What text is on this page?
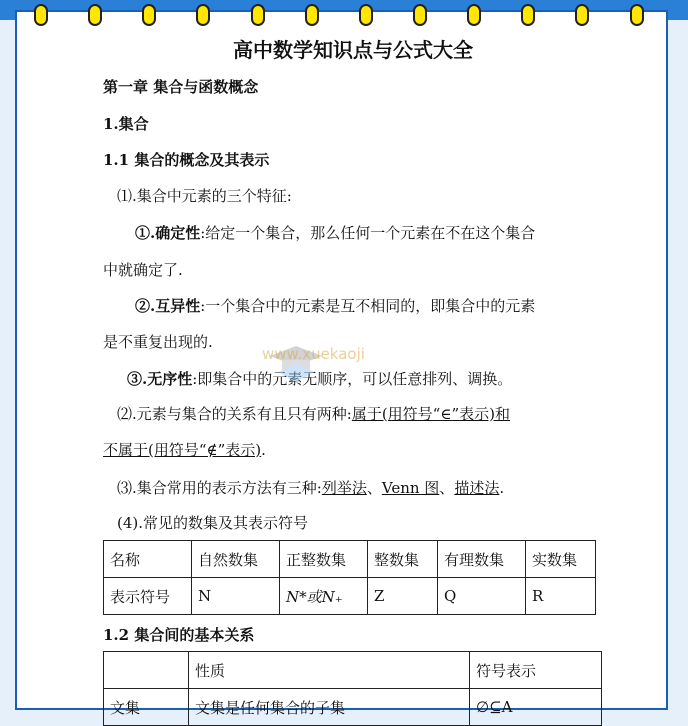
高中数学知识点与公式大全
第一章 集合与函数概念
1.集合
1.1 集合的概念及其表示
⑴.集合中元素的三个特征:
①.确定性:给定一个集合，那么任何一个元素在不在这个集合
中就确定了.
②.互异性:一个集合中的元素是互不相同的，即集合中的元素
是不重复出现的.
③.无序性:即集合中的元素无顺序，可以任意排列、调换。
⑵.元素与集合的关系有且只有两种:属于(用符号“∈”表示)和
不属于(用符号“∉”表示).
⑶.集合常用的表示方法有三种:列举法、Venn 图、描述法.
(4).常见的数集及其表示符号
名称	自然数集	正整数集	整数集	有理数集	实数集
表示符号	N	N*或N₊	Z	Q	R
1.2 集合间的基本关系
	性质	符号表示
文集	文集是任何集合的子集	∅⊆A
www.xuekaoji
